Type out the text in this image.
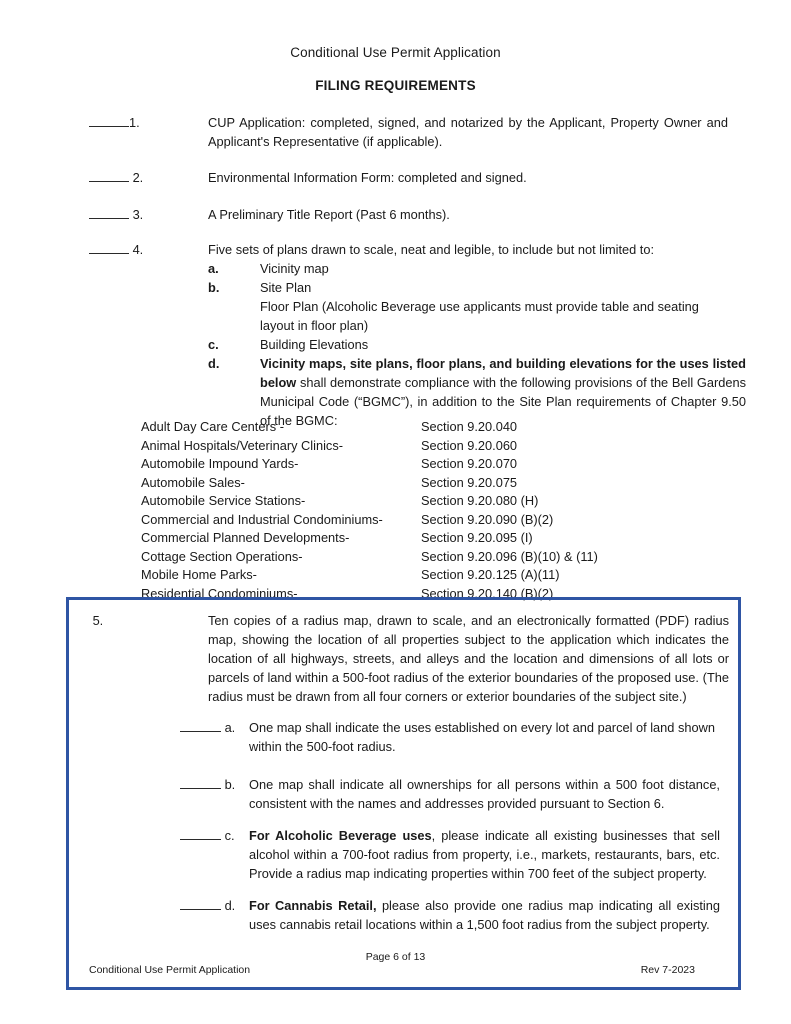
Conditional Use Permit Application
FILING REQUIREMENTS
1.	CUP Application: completed, signed, and notarized by the Applicant, Property Owner and Applicant's Representative (if applicable).
2.	Environmental Information Form: completed and signed.
3.	A Preliminary Title Report (Past 6 months).
4.	Five sets of plans drawn to scale, neat and legible, to include but not limited to:
a.	Vicinity map
b.	Site Plan
Floor Plan (Alcoholic Beverage use applicants must provide table and seating layout in floor plan)
c.	Building Elevations
d.	Vicinity maps, site plans, floor plans, and building elevations for the uses listed below shall demonstrate compliance with the following provisions of the Bell Gardens Municipal Code (“BGMC”), in addition to the Site Plan requirements of Chapter 9.50 of the BGMC:
Adult Day Care Centers -	Section 9.20.040
Animal Hospitals/Veterinary Clinics-	Section 9.20.060
Automobile Impound Yards-	Section 9.20.070
Automobile Sales-	Section 9.20.075
Automobile Service Stations-	Section 9.20.080 (H)
Commercial and Industrial Condominiums-	Section 9.20.090 (B)(2)
Commercial Planned Developments-	Section 9.20.095 (I)
Cottage Section Operations-	Section 9.20.096 (B)(10) & (11)
Mobile Home Parks-	Section 9.20.125 (A)(11)
Residential Condominiums-	Section 9.20.140 (B)(2)
5.	Ten copies of a radius map, drawn to scale, and an electronically formatted (PDF) radius map, showing the location of all properties subject to the application which indicates the location of all highways, streets, and alleys and the location and dimensions of all lots or parcels of land within a 500-foot radius of the exterior boundaries of the proposed use. (The radius must be drawn from all four corners or exterior boundaries of the subject site.)
a.	One map shall indicate the uses established on every lot and parcel of land shown within the 500-foot radius.
b.	One map shall indicate all ownerships for all persons within a 500 foot distance, consistent with the names and addresses provided pursuant to Section 6.
c.	For Alcoholic Beverage uses, please indicate all existing businesses that sell alcohol within a 700-foot radius from property, i.e., markets, restaurants, bars, etc. Provide a radius map indicating properties within 700 feet of the subject property.
d.	For Cannabis Retail, please also provide one radius map indicating all existing uses cannabis retail locations within a 1,500 foot radius from the subject property.
Page 6 of 13
Conditional Use Permit Application	Rev 7-2023
